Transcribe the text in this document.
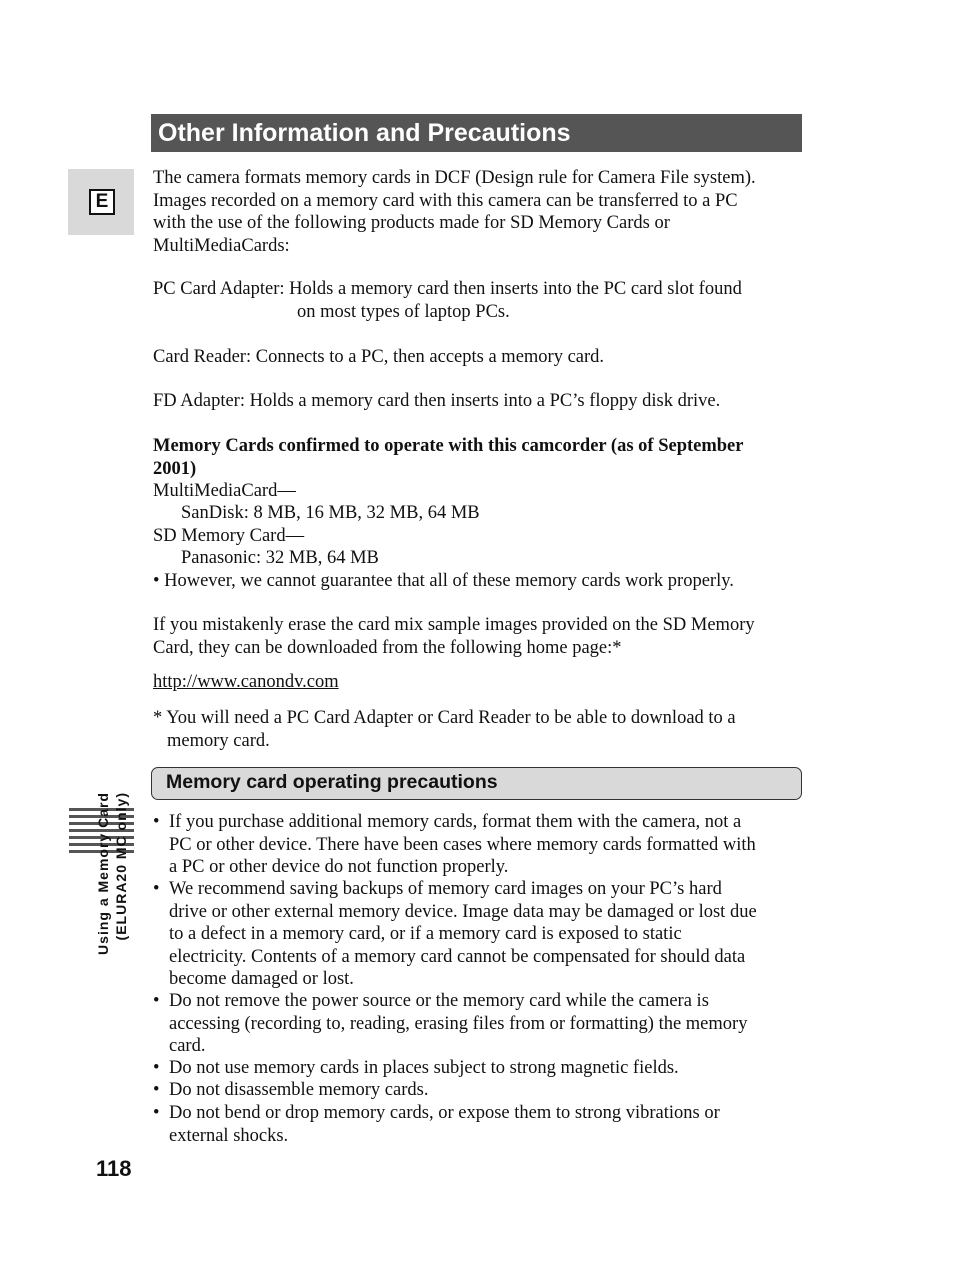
Other Information and Precautions
E
The camera formats memory cards in DCF (Design rule for Camera File system).
Images recorded on a memory card with this camera can be transferred to a PC
with the use of the following products made for SD Memory Cards or
MultiMediaCards:
PC Card Adapter: Holds a memory card then inserts into the PC card slot found
on most types of laptop PCs.
Card Reader: Connects to a PC, then accepts a memory card.
FD Adapter: Holds a memory card then inserts into a PC’s floppy disk drive.
Memory Cards confirmed to operate with this camcorder (as of September
2001)
MultiMediaCard—
SanDisk: 8 MB, 16 MB, 32 MB, 64 MB
SD Memory Card—
Panasonic: 32 MB, 64 MB
• However, we cannot guarantee that all of these memory cards work properly.
If you mistakenly erase the card mix sample images provided on the SD Memory
Card, they can be downloaded from the following home page:*
http://www.canondv.com
* You will need a PC Card Adapter or Card Reader to be able to download to a
memory card.
Memory card operating precautions
• If you purchase additional memory cards, format them with the camera, not a
PC or other device. There have been cases where memory cards formatted with
a PC or other device do not function properly.
• We recommend saving backups of memory card images on your PC’s hard
drive or other external memory device. Image data may be damaged or lost due
to a defect in a memory card, or if a memory card is exposed to static
electricity. Contents of a memory card cannot be compensated for should data
become damaged or lost.
• Do not remove the power source or the memory card while the camera is
accessing (recording to, reading, erasing files from or formatting) the memory
card.
• Do not use memory cards in places subject to strong magnetic fields.
• Do not disassemble memory cards.
• Do not bend or drop memory cards, or expose them to strong vibrations or
external shocks.
Using a Memory Card (ELURA20 MC only)
118
